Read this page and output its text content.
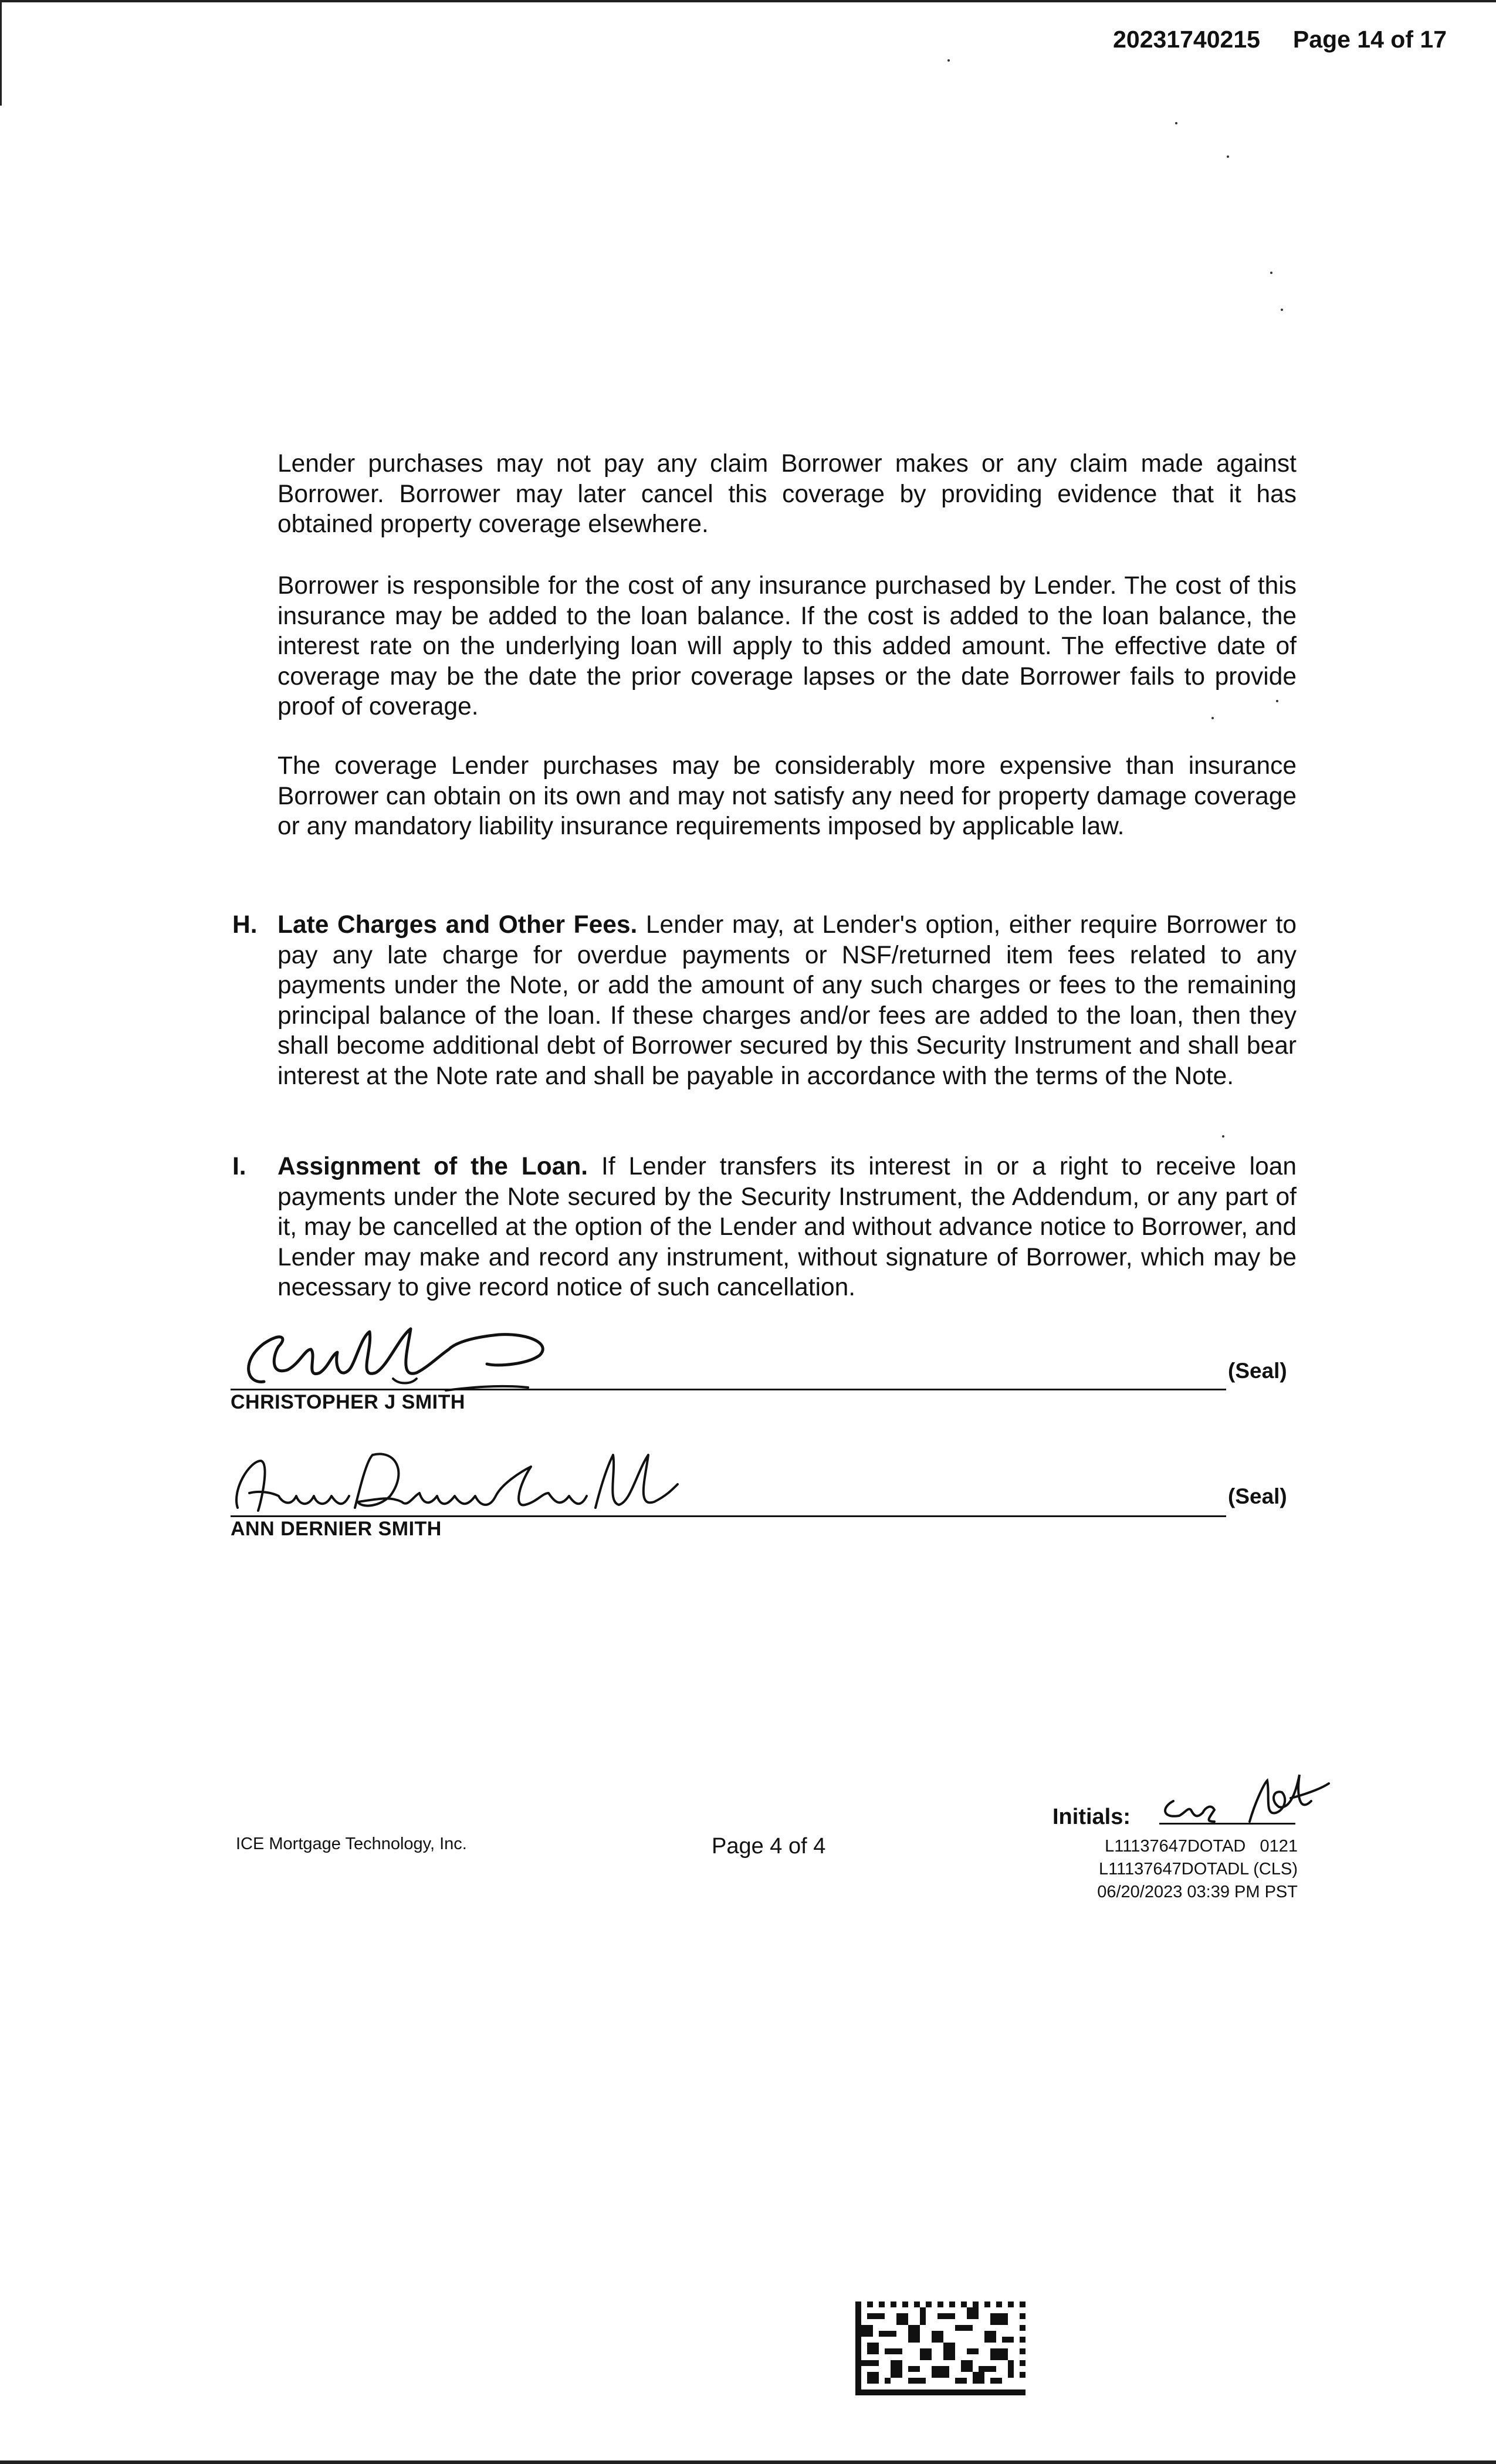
20231740215 Page 14 of 17

Lender purchases may not pay any claim Borrower makes or any claim made against Borrower. Borrower may later cancel this coverage by providing evidence that it has obtained property coverage elsewhere.

Borrower is responsible for the cost of any insurance purchased by Lender. The cost of this insurance may be added to the loan balance. If the cost is added to the loan balance, the interest rate on the underlying loan will apply to this added amount. The effective date of coverage may be the date the prior coverage lapses or the date Borrower fails to provide proof of coverage.

The coverage Lender purchases may be considerably more expensive than insurance Borrower can obtain on its own and may not satisfy any need for property damage coverage or any mandatory liability insurance requirements imposed by applicable law.

H. Late Charges and Other Fees. Lender may, at Lender's option, either require Borrower to pay any late charge for overdue payments or NSF/returned item fees related to any payments under the Note, or add the amount of any such charges or fees to the remaining principal balance of the loan. If these charges and/or fees are added to the loan, then they shall become additional debt of Borrower secured by this Security Instrument and shall bear interest at the Note rate and shall be payable in accordance with the terms of the Note.

I. Assignment of the Loan. If Lender transfers its interest in or a right to receive loan payments under the Note secured by the Security Instrument, the Addendum, or any part of it, may be cancelled at the option of the Lender and without advance notice to Borrower, and Lender may make and record any instrument, without signature of Borrower, which may be necessary to give record notice of such cancellation.

CHRISTOPHER J SMITH
(Seal)
ANN DERNIER SMITH
(Seal)
ICE Mortgage Technology, Inc.	Page 4 of 4
Initials:
L11137647DOTAD   0121
L11137647DOTADL (CLS)
06/20/2023 03:39 PM PST
